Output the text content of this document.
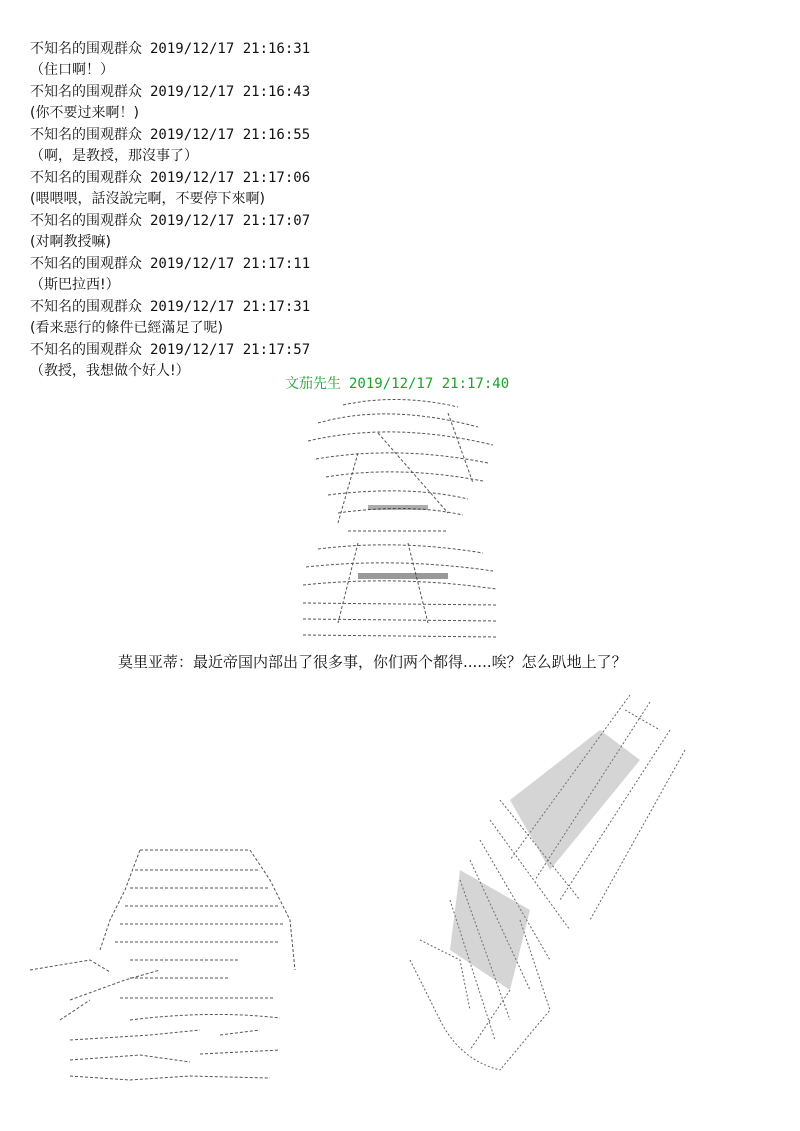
不知名的围观群众 2019/12/17 21:16:31
（住口啊！）
不知名的围观群众 2019/12/17 21:16:43
(你不要过来啊！)
不知名的围观群众 2019/12/17 21:16:55
（啊，是教授，那沒事了）
不知名的围观群众 2019/12/17 21:17:06
(喂喂喂，話沒說完啊，不要停下來啊)
不知名的围观群众 2019/12/17 21:17:07
(对啊教授嘛)
不知名的围观群众 2019/12/17 21:17:11
（斯巴拉西!）
不知名的围观群众 2019/12/17 21:17:31
(看来惡行的條件已經滿足了呢)
不知名的围观群众 2019/12/17 21:17:57
（教授，我想做个好人!）
文茄先生 2019/12/17 21:17:40
莫里亚蒂：最近帝国内部出了很多事，你们两个都得......唉？怎么趴地上了？
